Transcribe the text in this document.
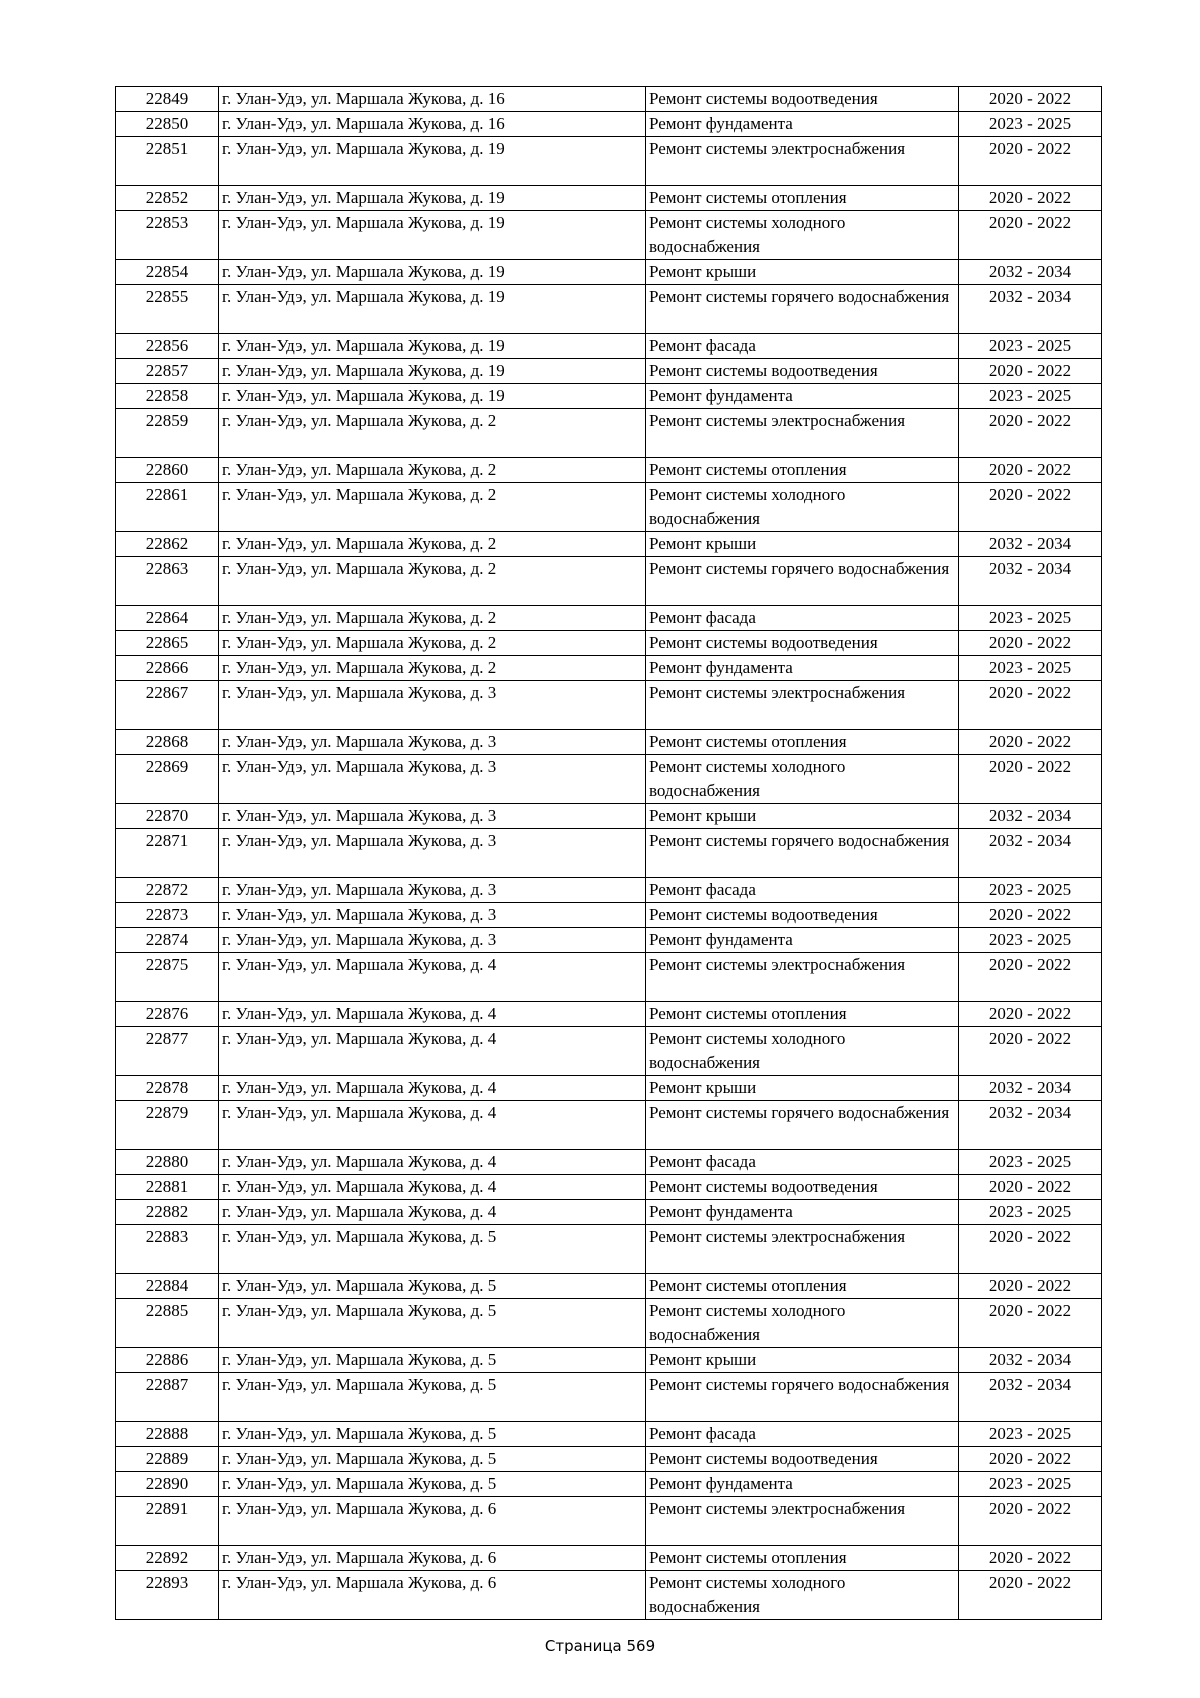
22849	г. Улан-Удэ, ул. Маршала Жукова, д. 16	Ремонт системы водоотведения	2020 - 2022
22850	г. Улан-Удэ, ул. Маршала Жукова, д. 16	Ремонт фундамента	2023 - 2025
22851	г. Улан-Удэ, ул. Маршала Жукова, д. 19	Ремонт системы электроснабжения	2020 - 2022
22852	г. Улан-Удэ, ул. Маршала Жукова, д. 19	Ремонт системы отопления	2020 - 2022
22853	г. Улан-Удэ, ул. Маршала Жукова, д. 19	Ремонт системы холодного водоснабжения	2020 - 2022
22854	г. Улан-Удэ, ул. Маршала Жукова, д. 19	Ремонт крыши	2032 - 2034
22855	г. Улан-Удэ, ул. Маршала Жукова, д. 19	Ремонт системы горячего водоснабжения	2032 - 2034
22856	г. Улан-Удэ, ул. Маршала Жукова, д. 19	Ремонт фасада	2023 - 2025
22857	г. Улан-Удэ, ул. Маршала Жукова, д. 19	Ремонт системы водоотведения	2020 - 2022
22858	г. Улан-Удэ, ул. Маршала Жукова, д. 19	Ремонт фундамента	2023 - 2025
22859	г. Улан-Удэ, ул. Маршала Жукова, д. 2	Ремонт системы электроснабжения	2020 - 2022
22860	г. Улан-Удэ, ул. Маршала Жукова, д. 2	Ремонт системы отопления	2020 - 2022
22861	г. Улан-Удэ, ул. Маршала Жукова, д. 2	Ремонт системы холодного водоснабжения	2020 - 2022
22862	г. Улан-Удэ, ул. Маршала Жукова, д. 2	Ремонт крыши	2032 - 2034
22863	г. Улан-Удэ, ул. Маршала Жукова, д. 2	Ремонт системы горячего водоснабжения	2032 - 2034
22864	г. Улан-Удэ, ул. Маршала Жукова, д. 2	Ремонт фасада	2023 - 2025
22865	г. Улан-Удэ, ул. Маршала Жукова, д. 2	Ремонт системы водоотведения	2020 - 2022
22866	г. Улан-Удэ, ул. Маршала Жукова, д. 2	Ремонт фундамента	2023 - 2025
22867	г. Улан-Удэ, ул. Маршала Жукова, д. 3	Ремонт системы электроснабжения	2020 - 2022
22868	г. Улан-Удэ, ул. Маршала Жукова, д. 3	Ремонт системы отопления	2020 - 2022
22869	г. Улан-Удэ, ул. Маршала Жукова, д. 3	Ремонт системы холодного водоснабжения	2020 - 2022
22870	г. Улан-Удэ, ул. Маршала Жукова, д. 3	Ремонт крыши	2032 - 2034
22871	г. Улан-Удэ, ул. Маршала Жукова, д. 3	Ремонт системы горячего водоснабжения	2032 - 2034
22872	г. Улан-Удэ, ул. Маршала Жукова, д. 3	Ремонт фасада	2023 - 2025
22873	г. Улан-Удэ, ул. Маршала Жукова, д. 3	Ремонт системы водоотведения	2020 - 2022
22874	г. Улан-Удэ, ул. Маршала Жукова, д. 3	Ремонт фундамента	2023 - 2025
22875	г. Улан-Удэ, ул. Маршала Жукова, д. 4	Ремонт системы электроснабжения	2020 - 2022
22876	г. Улан-Удэ, ул. Маршала Жукова, д. 4	Ремонт системы отопления	2020 - 2022
22877	г. Улан-Удэ, ул. Маршала Жукова, д. 4	Ремонт системы холодного водоснабжения	2020 - 2022
22878	г. Улан-Удэ, ул. Маршала Жукова, д. 4	Ремонт крыши	2032 - 2034
22879	г. Улан-Удэ, ул. Маршала Жукова, д. 4	Ремонт системы горячего водоснабжения	2032 - 2034
22880	г. Улан-Удэ, ул. Маршала Жукова, д. 4	Ремонт фасада	2023 - 2025
22881	г. Улан-Удэ, ул. Маршала Жукова, д. 4	Ремонт системы водоотведения	2020 - 2022
22882	г. Улан-Удэ, ул. Маршала Жукова, д. 4	Ремонт фундамента	2023 - 2025
22883	г. Улан-Удэ, ул. Маршала Жукова, д. 5	Ремонт системы электроснабжения	2020 - 2022
22884	г. Улан-Удэ, ул. Маршала Жукова, д. 5	Ремонт системы отопления	2020 - 2022
22885	г. Улан-Удэ, ул. Маршала Жукова, д. 5	Ремонт системы холодного водоснабжения	2020 - 2022
22886	г. Улан-Удэ, ул. Маршала Жукова, д. 5	Ремонт крыши	2032 - 2034
22887	г. Улан-Удэ, ул. Маршала Жукова, д. 5	Ремонт системы горячего водоснабжения	2032 - 2034
22888	г. Улан-Удэ, ул. Маршала Жукова, д. 5	Ремонт фасада	2023 - 2025
22889	г. Улан-Удэ, ул. Маршала Жукова, д. 5	Ремонт системы водоотведения	2020 - 2022
22890	г. Улан-Удэ, ул. Маршала Жукова, д. 5	Ремонт фундамента	2023 - 2025
22891	г. Улан-Удэ, ул. Маршала Жукова, д. 6	Ремонт системы электроснабжения	2020 - 2022
22892	г. Улан-Удэ, ул. Маршала Жукова, д. 6	Ремонт системы отопления	2020 - 2022
22893	г. Улан-Удэ, ул. Маршала Жукова, д. 6	Ремонт системы холодного водоснабжения	2020 - 2022
Страница 569
